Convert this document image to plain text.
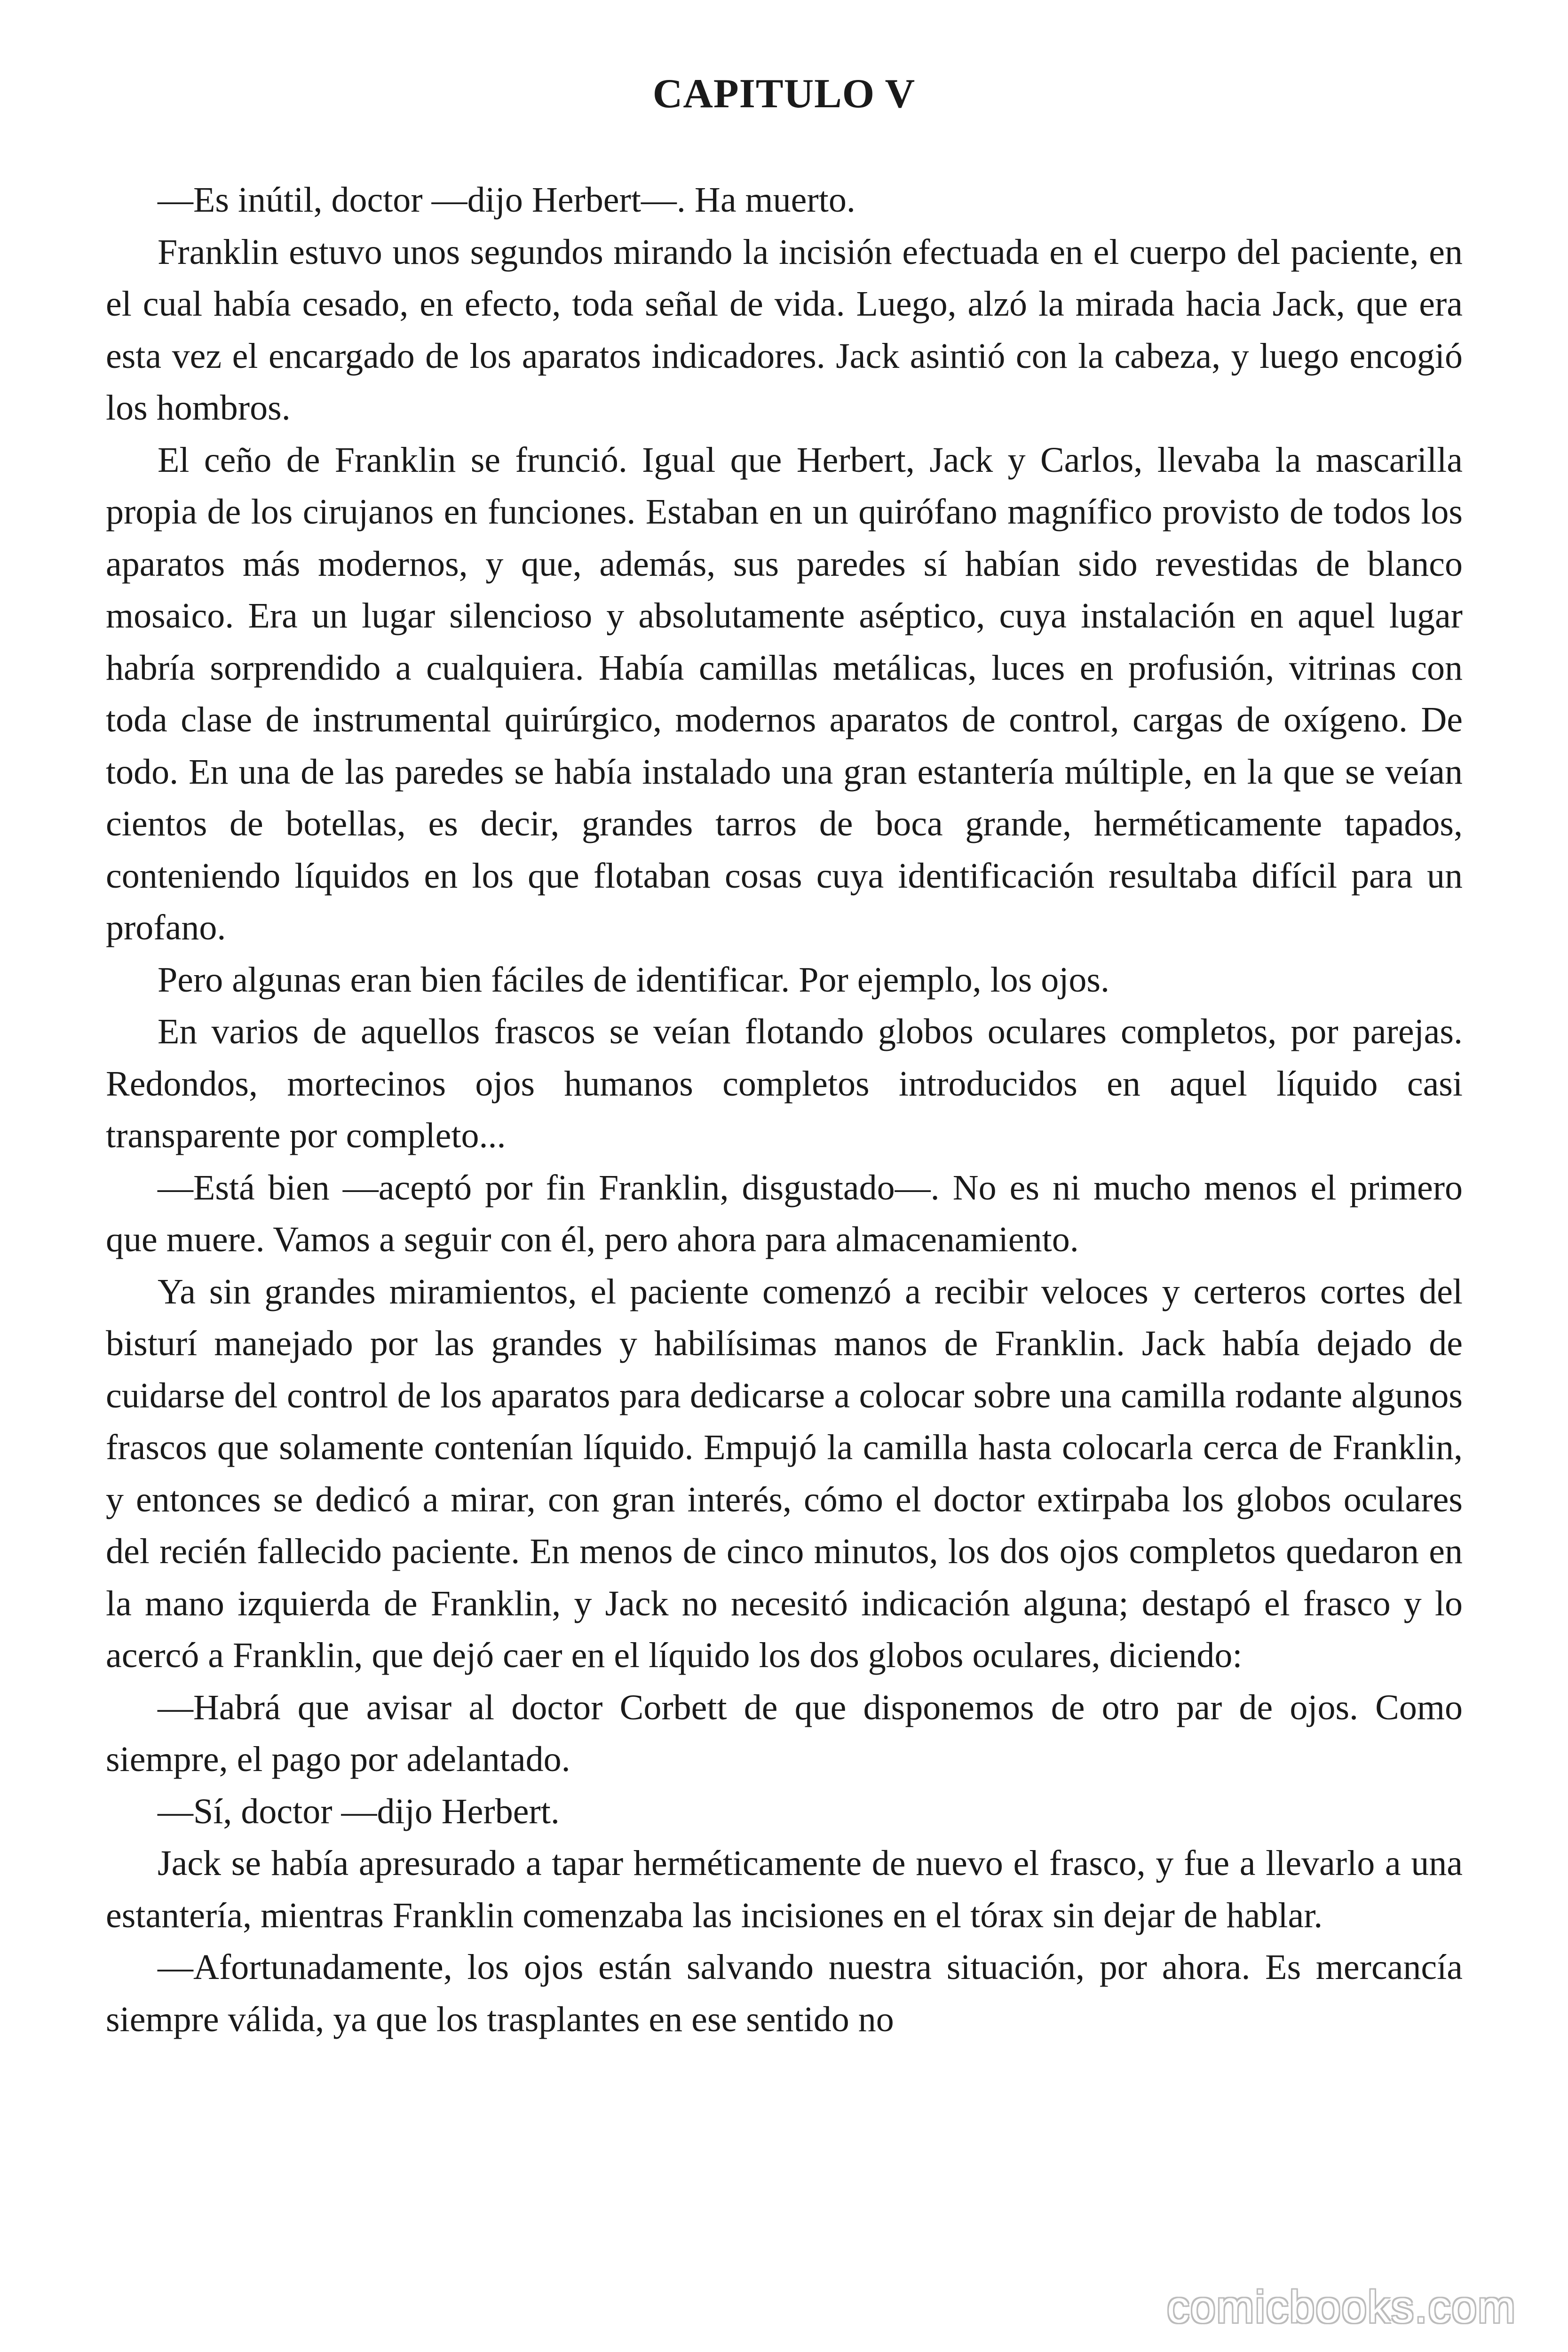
CAPITULO V

—Es inútil, doctor —dijo Herbert—. Ha muerto.

Franklin estuvo unos segundos mirando la incisión efectuada en el cuerpo del paciente, en el cual había cesado, en efecto, toda señal de vida. Luego, alzó la mirada hacia Jack, que era esta vez el encargado de los aparatos indicadores. Jack asintió con la cabeza, y luego encogió los hombros.

El ceño de Franklin se frunció. Igual que Herbert, Jack y Carlos, llevaba la mascarilla propia de los cirujanos en funciones. Estaban en un quirófano magnífico provisto de todos los aparatos más modernos, y que, además, sus paredes sí habían sido revestidas de blanco mosaico. Era un lugar silencioso y absolutamente aséptico, cuya instalación en aquel lugar habría sorprendido a cualquiera. Había camillas metálicas, luces en profusión, vitrinas con toda clase de instrumental quirúrgico, modernos aparatos de control, cargas de oxígeno. De todo. En una de las paredes se había instalado una gran estantería múltiple, en la que se veían cientos de botellas, es decir, grandes tarros de boca grande, herméticamente tapados, conteniendo líquidos en los que flotaban cosas cuya identificación resultaba difícil para un profano.

Pero algunas eran bien fáciles de identificar. Por ejemplo, los ojos.

En varios de aquellos frascos se veían flotando globos oculares completos, por parejas. Redondos, mortecinos ojos humanos completos introducidos en aquel líquido casi transparente por completo...

—Está bien —aceptó por fin Franklin, disgustado—. No es ni mucho menos el primero que muere. Vamos a seguir con él, pero ahora para almacenamiento.

Ya sin grandes miramientos, el paciente comenzó a recibir veloces y certeros cortes del bisturí manejado por las grandes y habilísimas manos de Franklin. Jack había dejado de cuidarse del control de los aparatos para dedicarse a colocar sobre una camilla rodante algunos frascos que solamente contenían líquido. Empujó la camilla hasta colocarla cerca de Franklin, y entonces se dedicó a mirar, con gran interés, cómo el doctor extirpaba los globos oculares del recién fallecido paciente. En menos de cinco minutos, los dos ojos completos quedaron en la mano izquierda de Franklin, y Jack no necesitó indicación alguna; destapó el frasco y lo acercó a Franklin, que dejó caer en el líquido los dos globos oculares, diciendo:

—Habrá que avisar al doctor Corbett de que disponemos de otro par de ojos. Como siempre, el pago por adelantado.

—Sí, doctor —dijo Herbert.

Jack se había apresurado a tapar herméticamente de nuevo el frasco, y fue a llevarlo a una estantería, mientras Franklin comenzaba las incisiones en el tórax sin dejar de hablar.

—Afortunadamente, los ojos están salvando nuestra situación, por ahora. Es mercancía siempre válida, ya que los trasplantes en ese sentido no

comicbooks.com
